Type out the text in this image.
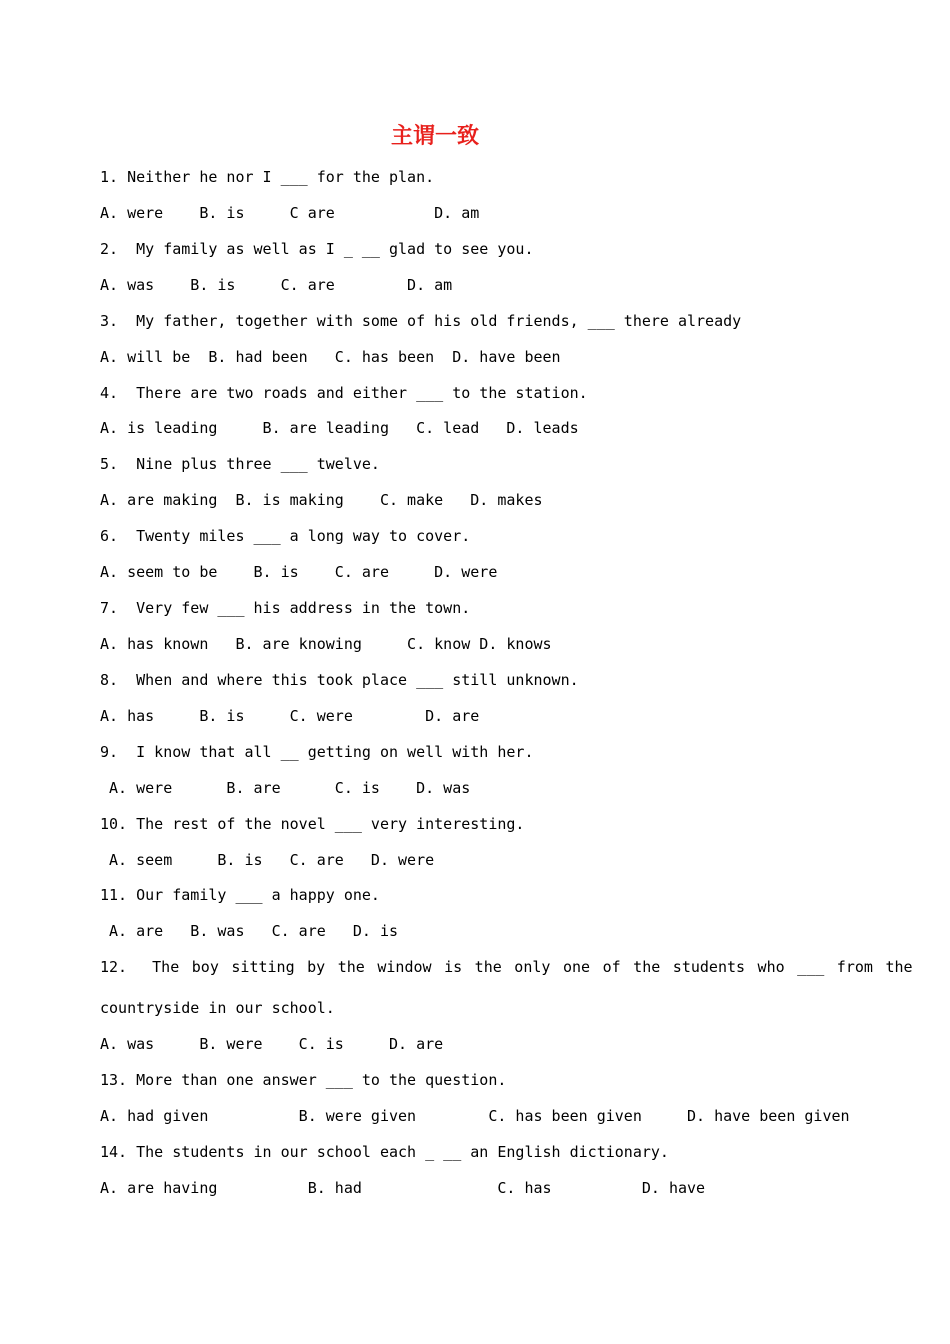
主谓一致
1. Neither he nor I ___ for the plan.
A. were    B. is     C are           D. am
2.  My family as well as I _ __ glad to see you.
A. was    B. is     C. are        D. am
3.  My father, together with some of his old friends, ___ there already
A. will be  B. had been   C. has been  D. have been
4.  There are two roads and either ___ to the station.
A. is leading     B. are leading   C. lead   D. leads
5.  Nine plus three ___ twelve.
A. are making  B. is making    C. make   D. makes
6.  Twenty miles ___ a long way to cover.
A. seem to be    B. is    C. are     D. were
7.  Very few ___ his address in the town.
A. has known   B. are knowing     C. know D. knows
8.  When and where this took place ___ still unknown.
A. has     B. is     C. were        D. are
9.  I know that all __ getting on well with her.
A. were      B. are      C. is    D. was
10. The rest of the novel ___ very interesting.
A. seem     B. is   C. are   D. were
11. Our family ___ a happy one.
A. are   B. was   C. are   D. is
12.  The boy sitting by the window is the only one of the students who ___ from the
countryside in our school.
A. was     B. were    C. is     D. are
13. More than one answer ___ to the question.
A. had given          B. were given        C. has been given     D. have been given
14. The students in our school each _ __ an English dictionary.
A. are having          B. had               C. has          D. have
